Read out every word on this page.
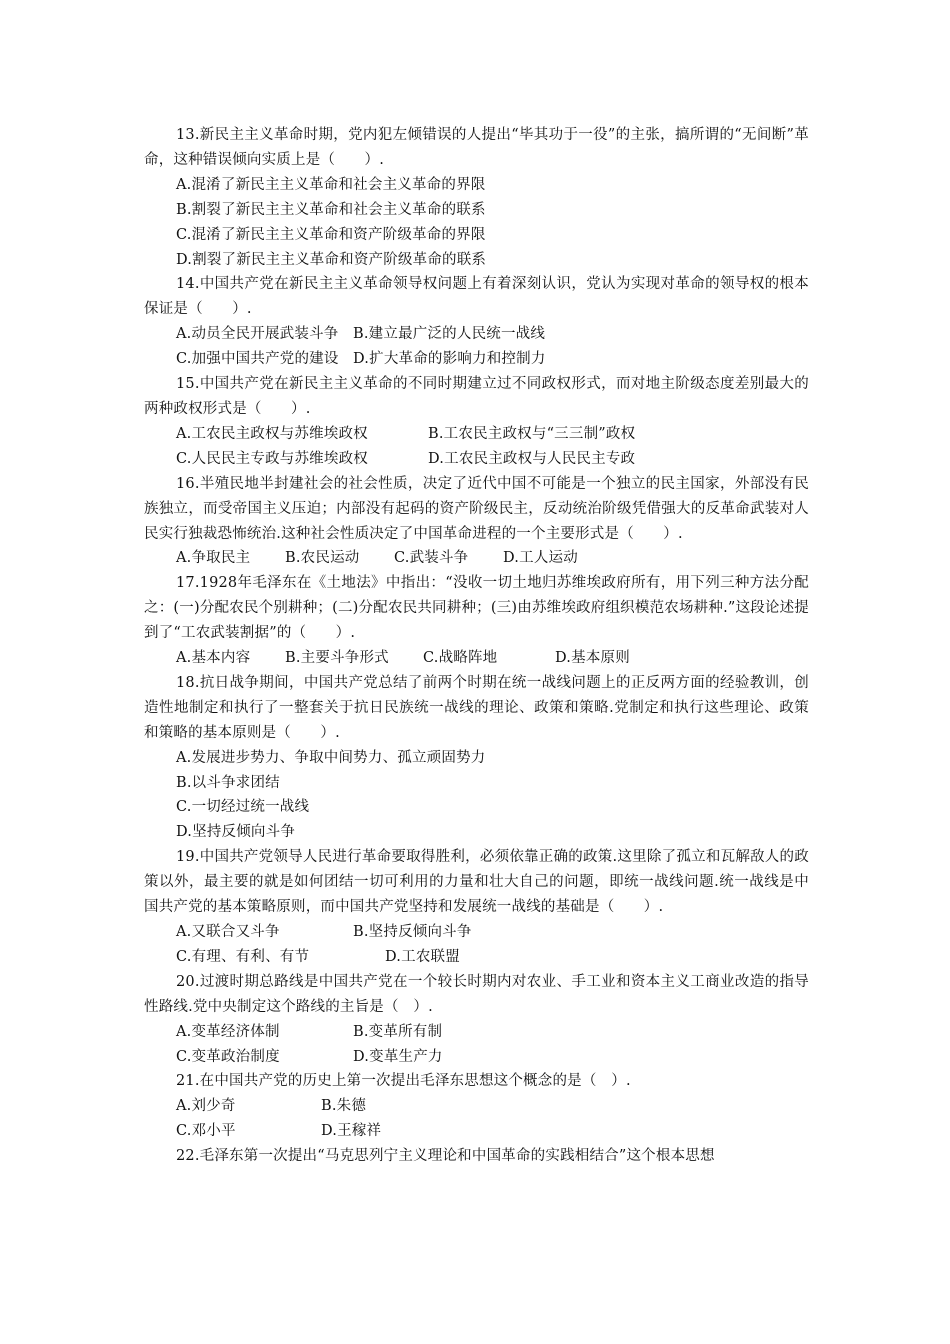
13.新民主主义革命时期，党内犯左倾错误的人提出“毕其功于一役”的主张，搞所谓的“无间断”革命，这种错误倾向实质上是（　　）.

A.混淆了新民主主义革命和社会主义革命的界限

B.割裂了新民主主义革命和社会主义革命的联系

C.混淆了新民主主义革命和资产阶级革命的界限

D.割裂了新民主主义革命和资产阶级革命的联系

14.中国共产党在新民主主义革命领导权问题上有着深刻认识，党认为实现对革命的领导权的根本保证是（　　）.

A.动员全民开展武装斗争 B.建立最广泛的人民统一战线

C.加强中国共产党的建设 D.扩大革命的影响力和控制力

15.中国共产党在新民主主义革命的不同时期建立过不同政权形式，而对地主阶级态度差别最大的两种政权形式是（　　）.

A.工农民主政权与苏维埃政权	B.工农民主政权与“三三制”政权

C.人民民主专政与苏维埃政权	D.工农民主政权与人民民主专政

16.半殖民地半封建社会的社会性质，决定了近代中国不可能是一个独立的民主国家，外部没有民族独立，而受帝国主义压迫；内部没有起码的资产阶级民主，反动统治阶级凭借强大的反革命武装对人民实行独裁恐怖统治.这种社会性质决定了中国革命进程的一个主要形式是（　　）.

A.争取民主 B.农民运动 C.武装斗争 D.工人运动

17.1928年毛泽东在《土地法》中指出：“没收一切土地归苏维埃政府所有，用下列三种方法分配之：(一)分配农民个别耕种；(二)分配农民共同耕种；(三)由苏维埃政府组织模范农场耕种.”这段论述提到了“工农武装割据”的（　　）.

A.基本内容 B.主要斗争形式 C.战略阵地	D.基本原则

18.抗日战争期间，中国共产党总结了前两个时期在统一战线问题上的正反两方面的经验教训，创造性地制定和执行了一整套关于抗日民族统一战线的理论、政策和策略.党制定和执行这些理论、政策和策略的基本原则是（　　）.

A.发展进步势力、争取中间势力、孤立顽固势力

B.以斗争求团结

C.一切经过统一战线

D.坚持反倾向斗争

19.中国共产党领导人民进行革命要取得胜利，必须依靠正确的政策.这里除了孤立和瓦解敌人的政策以外，最主要的就是如何团结一切可利用的力量和壮大自己的问题，即统一战线问题.统一战线是中国共产党的基本策略原则，而中国共产党坚持和发展统一战线的基础是（　　）.

A.又联合又斗争	B.坚持反倾向斗争

C.有理、有利、有节	D.工农联盟

20.过渡时期总路线是中国共产党在一个较长时期内对农业、手工业和资本主义工商业改造的指导性路线.党中央制定这个路线的主旨是（　）.

A.变革经济体制	B.变革所有制

C.变革政治制度	D.变革生产力

21.在中国共产党的历史上第一次提出毛泽东思想这个概念的是（　）.

A.刘少奇	B.朱德

C.邓小平	D.王稼祥

22.毛泽东第一次提出“马克思列宁主义理论和中国革命的实践相结合”这个根本思想
